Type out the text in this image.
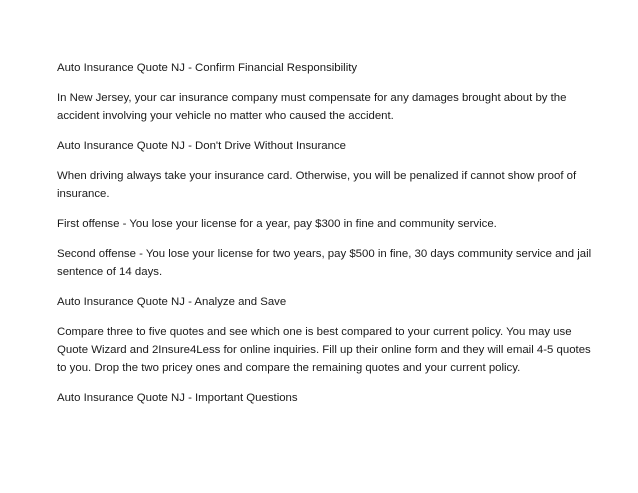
Auto Insurance Quote NJ - Confirm Financial Responsibility

In New Jersey, your car insurance company must compensate for any damages brought about by the accident involving your vehicle no matter who caused the accident.

Auto Insurance Quote NJ - Don't Drive Without Insurance

When driving always take your insurance card. Otherwise, you will be penalized if cannot show proof of insurance.

First offense - You lose your license for a year, pay $300 in fine and community service.

Second offense - You lose your license for two years, pay $500 in fine, 30 days community service and jail sentence of 14 days.

Auto Insurance Quote NJ - Analyze and Save

Compare three to five quotes and see which one is best compared to your current policy. You may use Quote Wizard and 2Insure4Less for online inquiries. Fill up their online form and they will email 4-5 quotes to you. Drop the two pricey ones and compare the remaining quotes and your current policy.

Auto Insurance Quote NJ - Important Questions
